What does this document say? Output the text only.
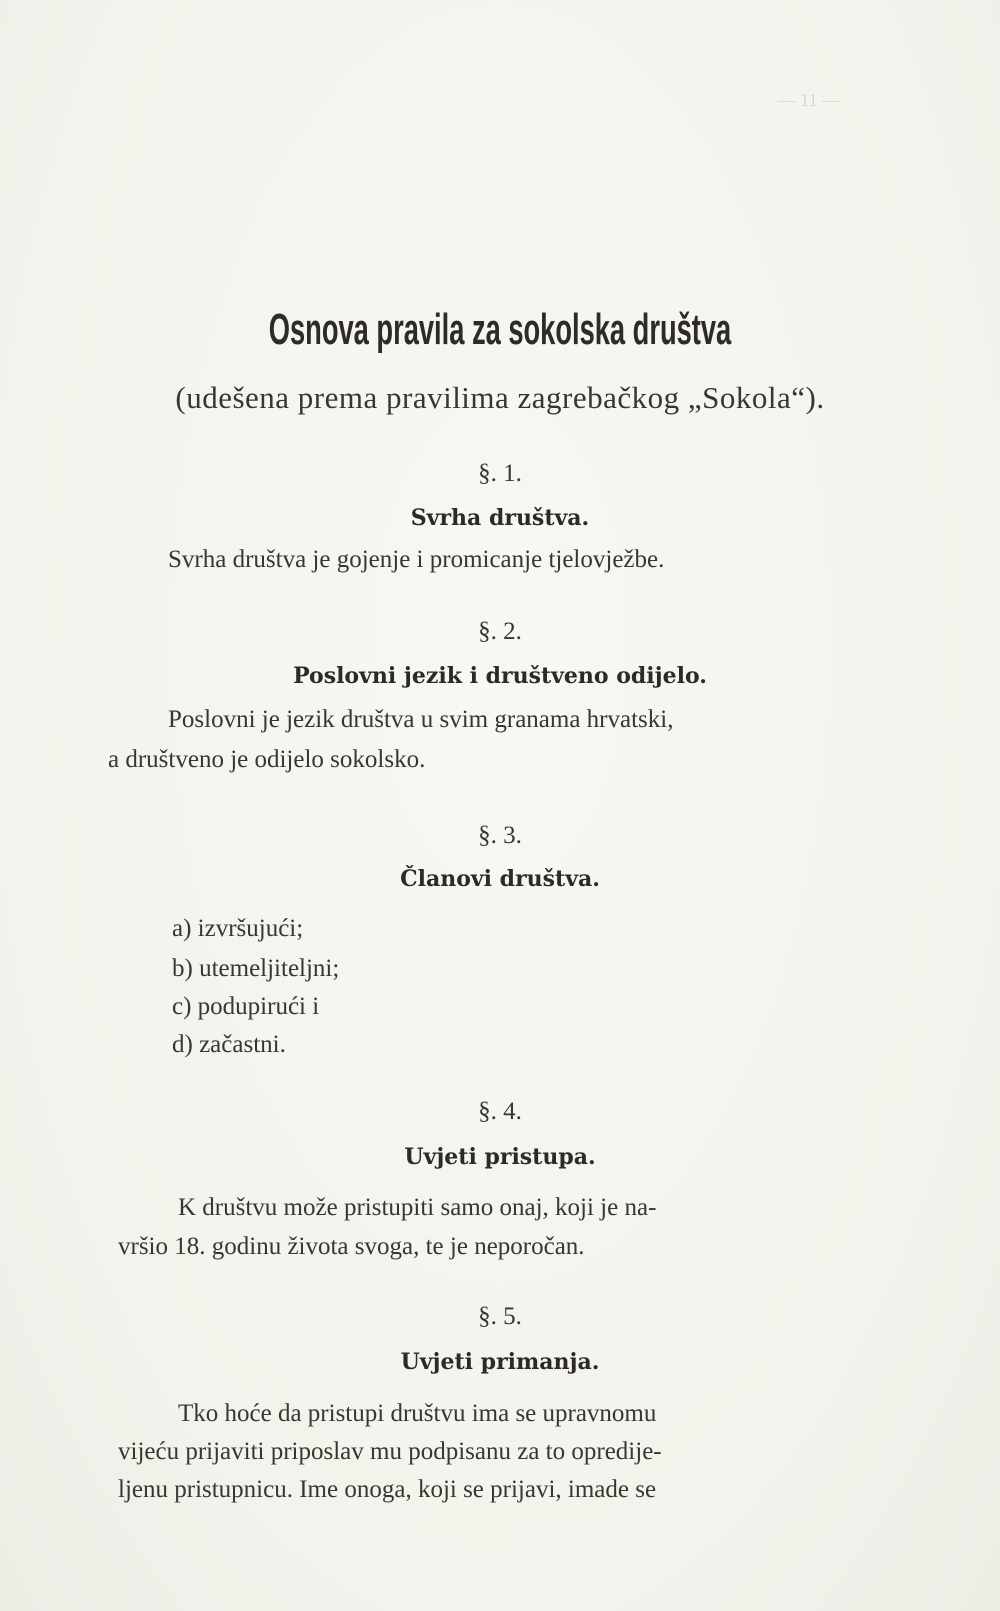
— 11 —
Osnova pravila za sokolska društva
(udešena prema pravilima zagrebačkog „Sokola“).
§. 1.
Svrha društva.
Svrha društva je gojenje i promicanje tjelovježbe.
§. 2.
Poslovni jezik i društveno odijelo.
Poslovni je jezik društva u svim granama hrvatski,
a društveno je odijelo sokolsko.
§. 3.
Članovi društva.
a) izvršujući;
b) utemeljiteljni;
c) podupirući i
d) začastni.
§. 4.
Uvjeti pristupa.
K društvu može pristupiti samo onaj, koji je na-
vršio 18. godinu života svoga, te je neporočan.
§. 5.
Uvjeti primanja.
Tko hoće da pristupi društvu ima se upravnomu
vijeću prijaviti priposlav mu podpisanu za to opredije-
ljenu pristupnicu. Ime onoga, koji se prijavi, imade se
